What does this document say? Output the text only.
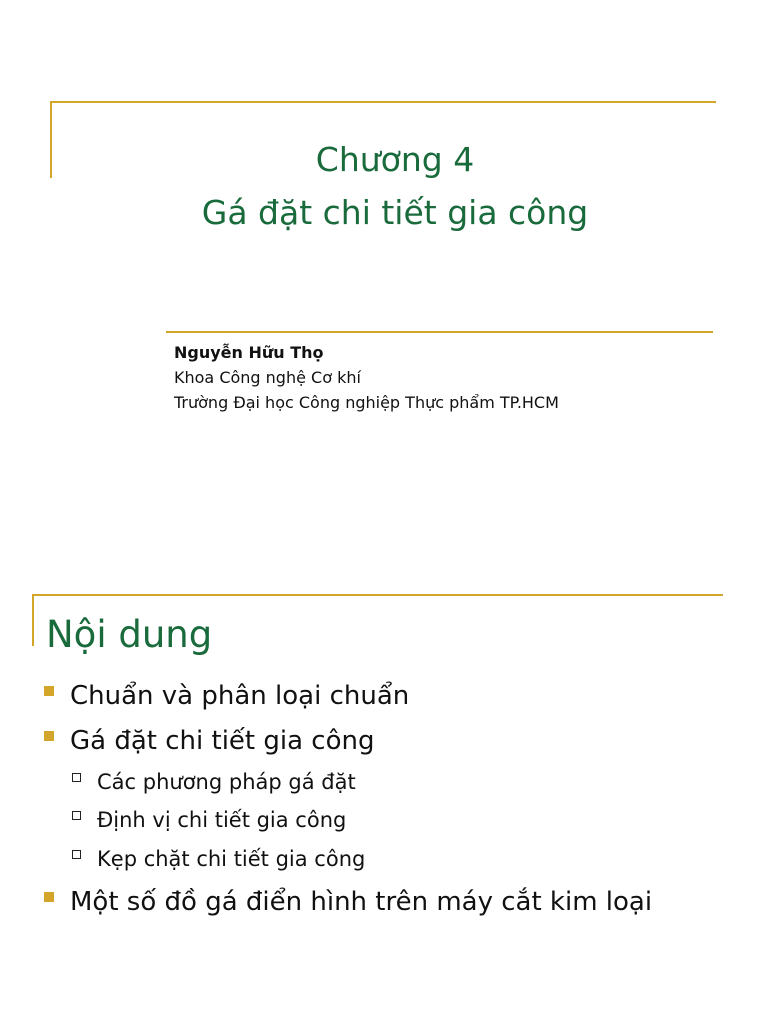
Chương 4
Gá đặt chi tiết gia công
Nguyễn Hữu Thọ
Khoa Công nghệ Cơ khí
Trường Đại học Công nghiệp Thực phẩm TP.HCM
Nội dung
Chuẩn và phân loại chuẩn
Gá đặt chi tiết gia công
Các phương pháp gá đặt
Định vị chi tiết gia công
Kẹp chặt chi tiết gia công
Một số đồ gá điển hình trên máy cắt kim loại
